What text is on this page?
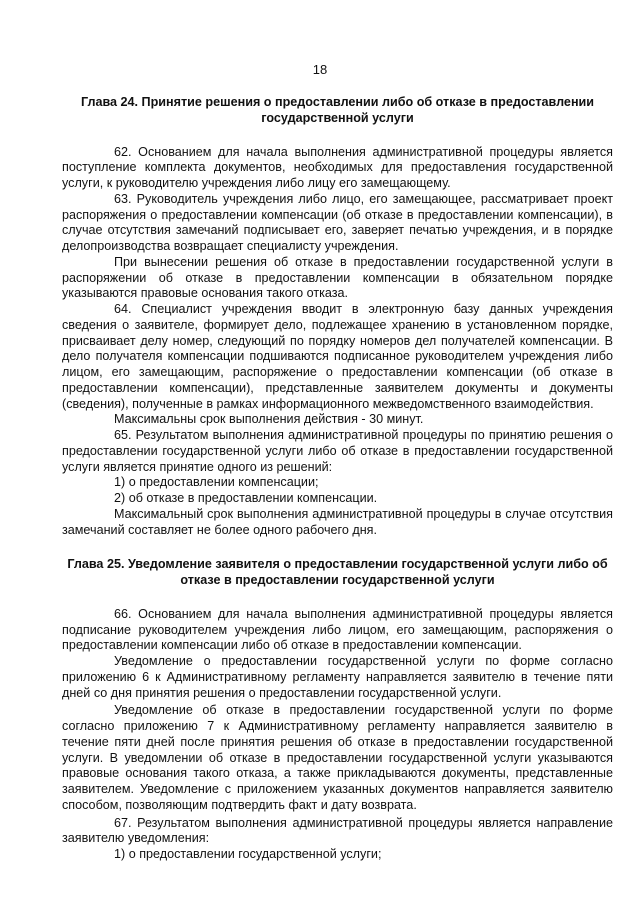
18
Глава 24. Принятие решения о предоставлении либо об отказе в предоставлении государственной услуги

62. Основанием для начала выполнения административной процедуры является поступление комплекта документов, необходимых для предоставления государственной услуги, к руководителю учреждения либо лицу его замещающему.

63. Руководитель учреждения либо лицо, его замещающее, рассматривает проект распоряжения о предоставлении компенсации (об отказе в предоставлении компенсации), в случае отсутствия замечаний подписывает его, заверяет печатью учреждения, и в порядке делопроизводства возвращает специалисту учреждения.

При вынесении решения об отказе в предоставлении государственной услуги в распоряжении об отказе в предоставлении компенсации в обязательном порядке указываются правовые основания такого отказа.

64. Специалист учреждения вводит в электронную базу данных учреждения сведения о заявителе, формирует дело, подлежащее хранению в установленном порядке, присваивает делу номер, следующий по порядку номеров дел получателей компенсации. В дело получателя компенсации подшиваются подписанное руководителем учреждения либо лицом, его замещающим, распоряжение о предоставлении компенсации (об отказе в предоставлении компенсации), представленные заявителем документы и документы (сведения), полученные в рамках информационного межведомственного взаимодействия.

Максимальны срок выполнения действия - 30 минут.

65. Результатом выполнения административной процедуры по принятию решения о предоставлении государственной услуги либо об отказе в предоставлении государственной услуги является принятие одного из решений:

1) о предоставлении компенсации;

2) об отказе в предоставлении компенсации.

Максимальный срок выполнения административной процедуры в случае отсутствия замечаний составляет не более одного рабочего дня.

Глава 25. Уведомление заявителя о предоставлении государственной услуги либо об отказе в предоставлении государственной услуги

66. Основанием для начала выполнения административной процедуры является подписание руководителем учреждения либо лицом, его замещающим, распоряжения о предоставлении компенсации либо об отказе в предоставлении компенсации.

Уведомление о предоставлении государственной услуги по форме согласно приложению 6 к Административному регламенту направляется заявителю в течение пяти дней со дня принятия решения о предоставлении государственной услуги.

Уведомление об отказе в предоставлении государственной услуги по форме согласно приложению 7 к Административному регламенту направляется заявителю в течение пяти дней после принятия решения об отказе в предоставлении государственной услуги. В уведомлении об отказе в предоставлении государственной услуги указываются правовые основания такого отказа, а также прикладываются документы, представленные заявителем. Уведомление с приложением указанных документов направляется заявителю способом, позволяющим подтвердить факт и дату возврата.

67. Результатом выполнения административной процедуры является направление заявителю уведомления:

1) о предоставлении государственной услуги;
